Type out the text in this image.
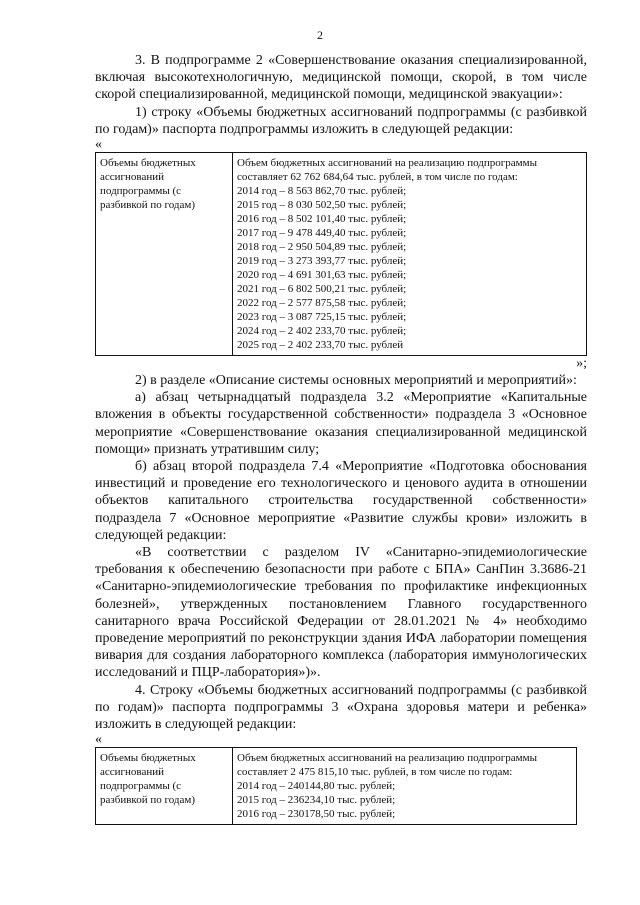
2

3. В подпрограмме 2 «Совершенствование оказания специализированной, включая высокотехнологичную, медицинской помощи, скорой, в том числе скорой специализированной, медицинской помощи, медицинской эвакуации»:

1) строку «Объемы бюджетных ассигнований подпрограммы (с разбивкой по годам)» паспорта подпрограммы изложить в следующей редакции:

«

Объемы бюджетных ассигнований подпрограммы (с разбивкой по годам)	
Объем бюджетных ассигнований на реализацию подпрограммы составляет 62 762 684,64 тыс. рублей, в том числе по годам:
2014 год – 8 563 862,70 тыс. рублей;
2015 год – 8 030 502,50 тыс. рублей;
2016 год – 8 502 101,40 тыс. рублей;
2017 год – 9 478 449,40 тыс. рублей;
2018 год – 2 950 504,89 тыс. рублей;
2019 год – 3 273 393,77 тыс. рублей;
2020 год – 4 691 301,63 тыс. рублей;
2021 год – 6 802 500,21 тыс. рублей;
2022 год – 2 577 875,58 тыс. рублей;
2023 год – 3 087 725,15 тыс. рублей;
2024 год – 2 402 233,70 тыс. рублей;
2025 год – 2 402 233,70 тыс. рублей

»;

2) в разделе «Описание системы основных мероприятий и мероприятий»:

а) абзац четырнадцатый подраздела 3.2 «Мероприятие «Капитальные вложения в объекты государственной собственности» подраздела 3 «Основное мероприятие «Совершенствование оказания специализированной медицинской помощи» признать утратившим силу;

б) абзац второй подраздела 7.4 «Мероприятие «Подготовка обоснования инвестиций и проведение его технологического и ценового аудита в отношении объектов капитального строительства государственной собственности» подраздела 7 «Основное мероприятие «Развитие службы крови» изложить в следующей редакции:

«В соответствии с разделом IV «Санитарно-эпидемиологические требования к обеспечению безопасности при работе с БПА» СанПин 3.3686-21 «Санитарно-эпидемиологические требования по профилактике инфекционных болезней», утвержденных постановлением Главного государственного санитарного врача Российской Федерации от 28.01.2021 № 4» необходимо проведение мероприятий по реконструкции здания ИФА лаборатории помещения вивария для создания лабораторного комплекса (лаборатория иммунологических исследований и ПЦР-лаборатория»)».

4. Строку «Объемы бюджетных ассигнований подпрограммы (с разбивкой по годам)» паспорта подпрограммы 3 «Охрана здоровья матери и ребенка» изложить в следующей редакции:

«

Объемы бюджетных ассигнований подпрограммы (с разбивкой по годам)	
Объем бюджетных ассигнований на реализацию подпрограммы составляет 2 475 815,10 тыс. рублей, в том числе по годам:
2014 год – 240144,80 тыс. рублей;
2015 год – 236234,10 тыс. рублей;
2016 год – 230178,50 тыс. рублей;
